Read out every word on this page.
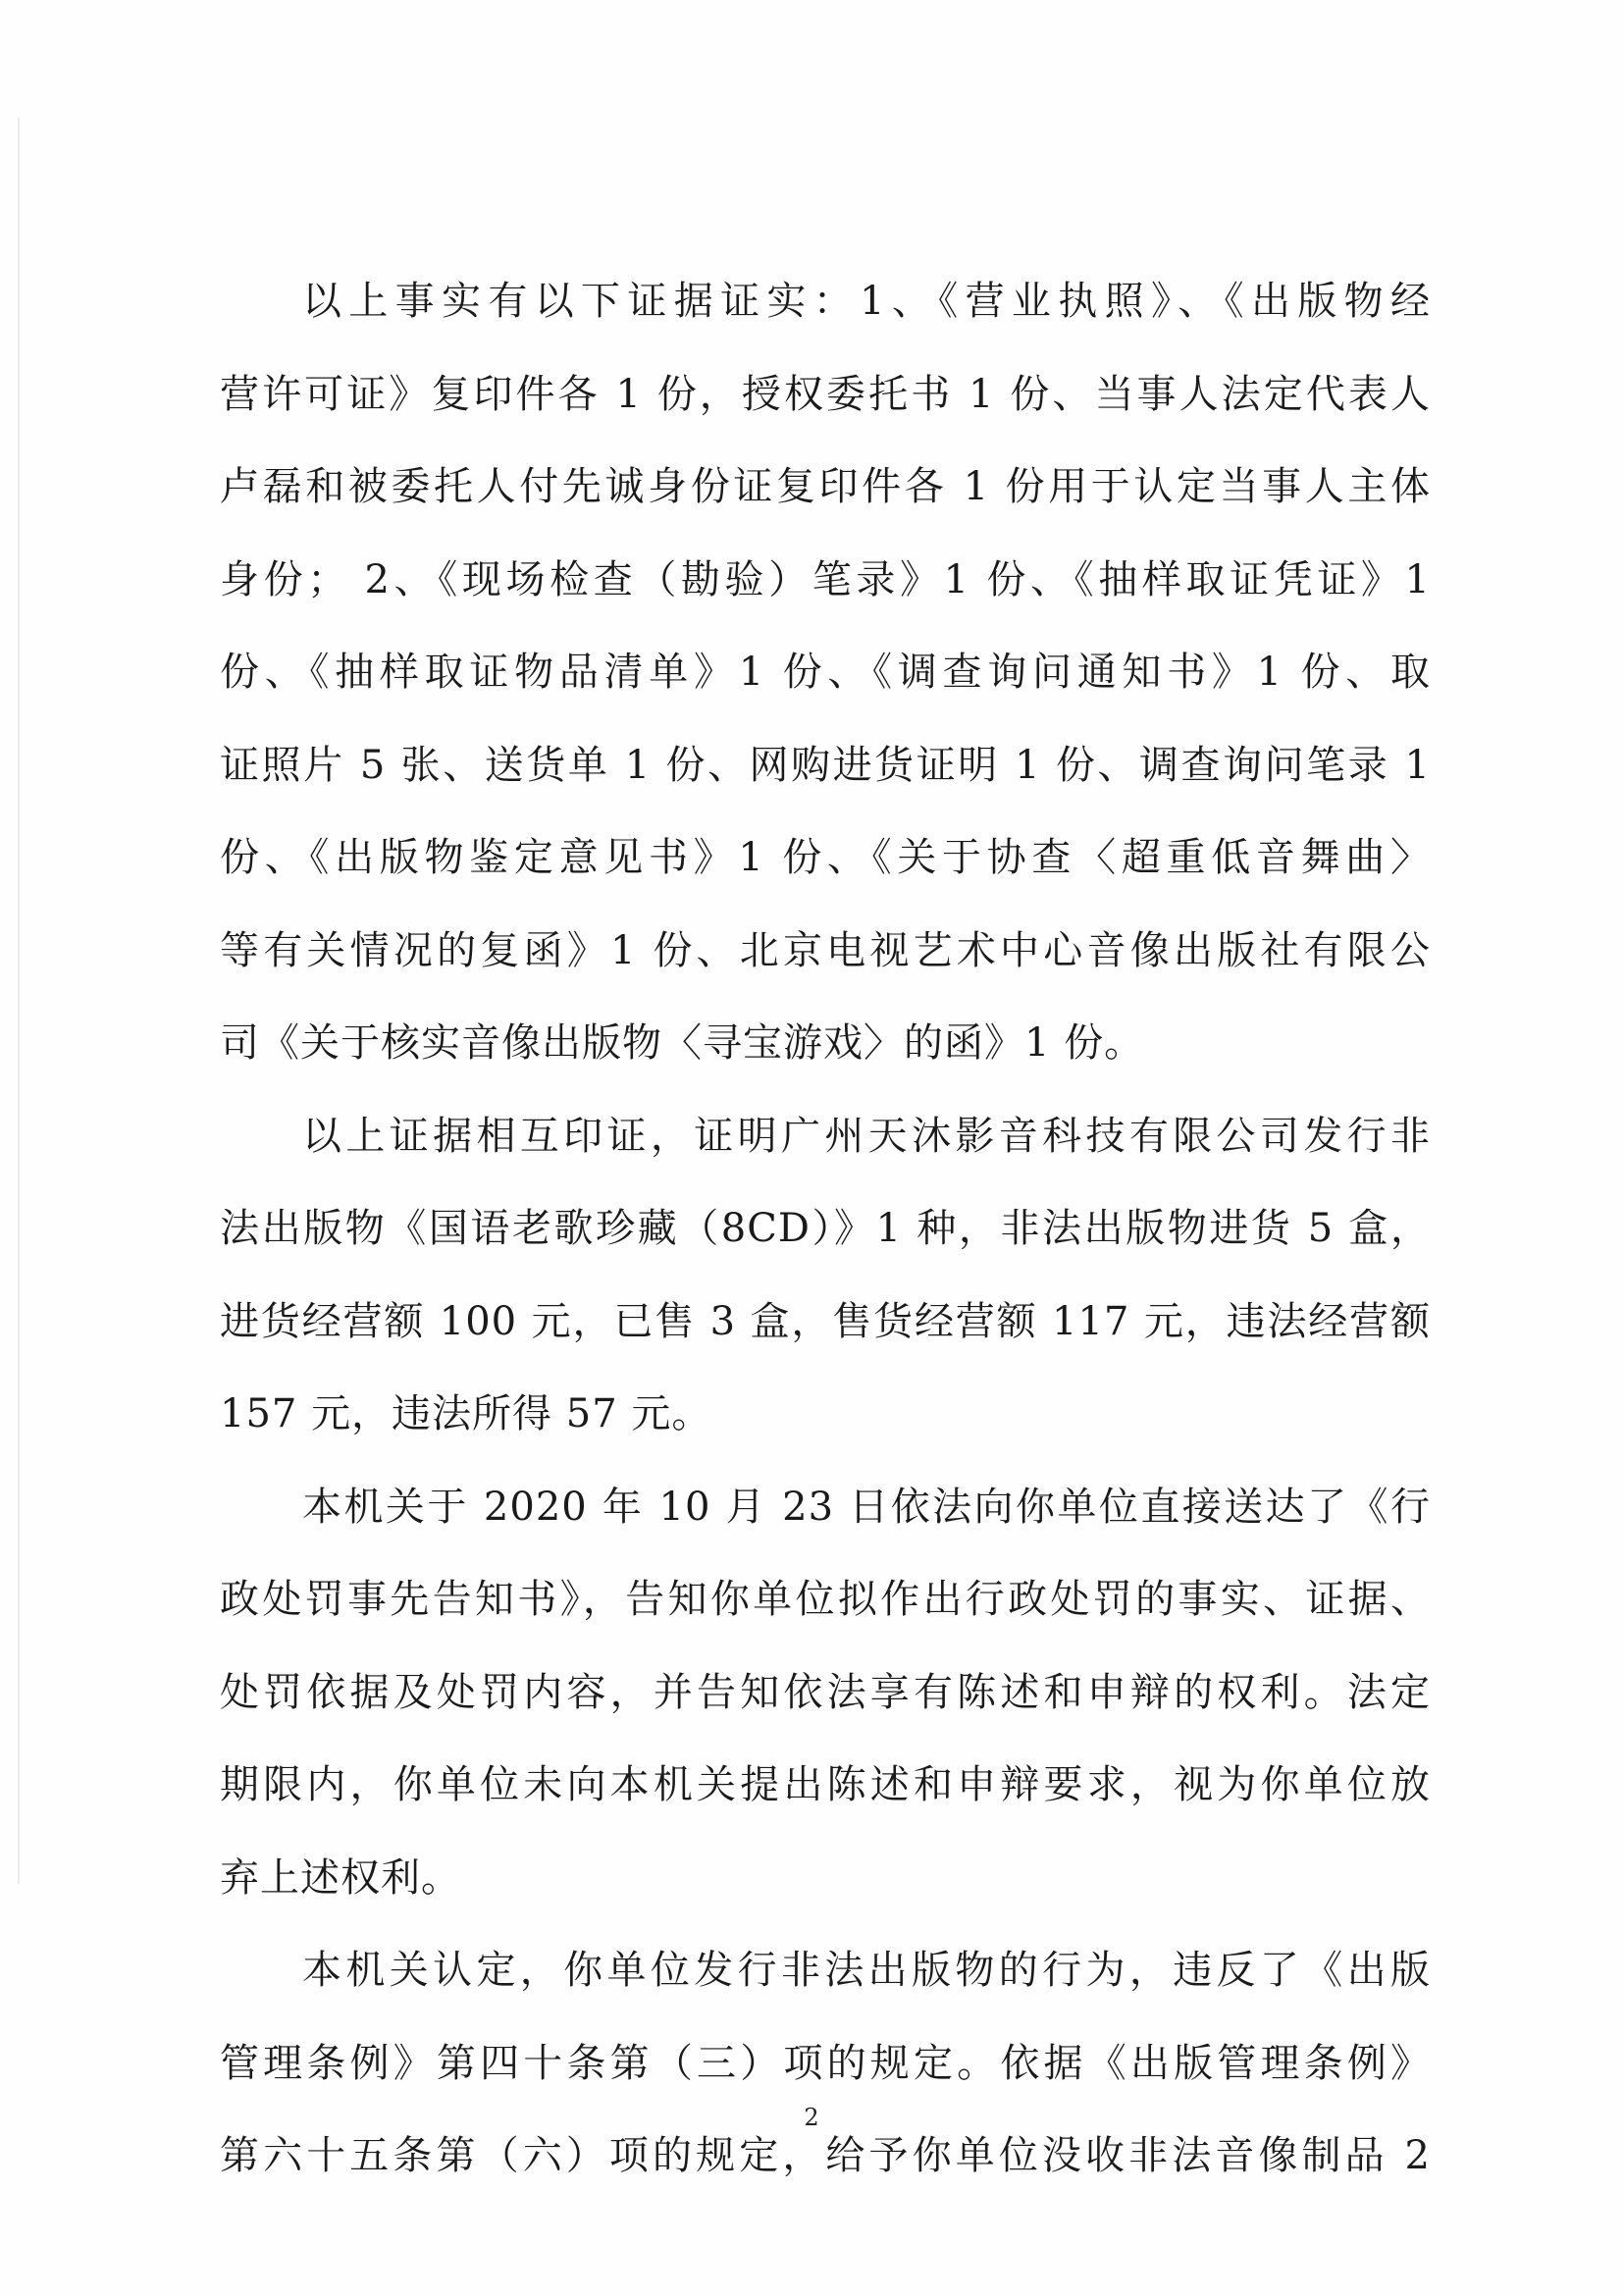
以上事实有以下证据证实：1、《营业执照》、《出版物经
营许可证》复印件各 1 份，授权委托书 1 份、当事人法定代表人
卢磊和被委托人付先诚身份证复印件各 1 份用于认定当事人主体
身份； 2、《现场检查（勘验）笔录》1 份、《抽样取证凭证》1
份、《抽样取证物品清单》1 份、《调查询问通知书》1 份、取
证照片 5 张、送货单 1 份、网购进货证明 1 份、调查询问笔录 1
份、《出版物鉴定意见书》1 份、《关于协查〈超重低音舞曲〉
等有关情况的复函》1 份、北京电视艺术中心音像出版社有限公
司《关于核实音像出版物〈寻宝游戏〉的函》1 份。
以上证据相互印证，证明广州天沐影音科技有限公司发行非
法出版物《国语老歌珍藏（8CD）》1 种，非法出版物进货 5 盒，
进货经营额 100 元，已售 3 盒，售货经营额 117 元，违法经营额
157 元，违法所得 57 元。
本机关于 2020 年 10 月 23 日依法向你单位直接送达了《行
政处罚事先告知书》，告知你单位拟作出行政处罚的事实、证据、
处罚依据及处罚内容，并告知依法享有陈述和申辩的权利。法定
期限内，你单位未向本机关提出陈述和申辩要求，视为你单位放
弃上述权利。
本机关认定，你单位发行非法出版物的行为，违反了《出版
管理条例》第四十条第（三）项的规定。依据《出版管理条例》
第六十五条第（六）项的规定，给予你单位没收非法音像制品 2
2
